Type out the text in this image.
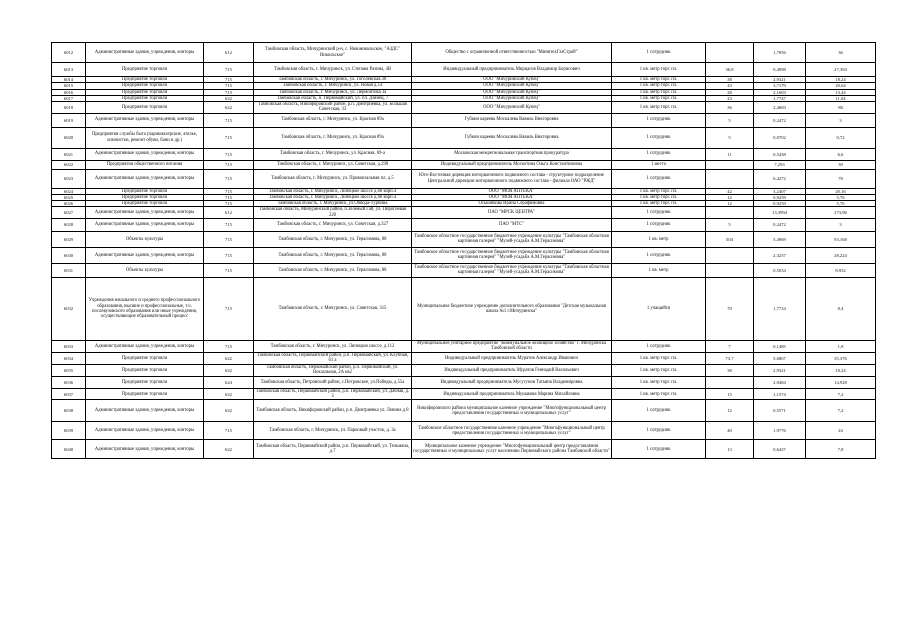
6012	Административные здания, учреждения, конторы	612	Тамбовская область, Мичуринский р-н, с. Новоникольское, "АЗДС" Никольское"	Общество с ограниченной ответственностью "МинитехГазСтрой"	1 сотрудник		1,7856	36
6013	Предприятие торговли	715	Тамбовская область, г. Мичуринск, ул. Степана Разина, 4В	Индивидуальный предприниматель Мирцагов Владимир Борисович	1 кв. метр торг. пл.	36,8	0,4998	27,394
6014	Предприятие торговли	715	Тамбовская область, г. Мичуринск, ул. Гоголевская 38	ООО "Мичуринский Купец"	1 кв. метр торг. пл.	38	2,9321	18,24
6015	Предприятие торговли	715	Тамбовская область, г. Мичуринск, ул. Новая д.14	ООО "Мичуринский Купец"	1 кв. метр торг. пл.	43	3,7179	20,64
6016	Предприятие торговли	715	Тамбовская область, г. Мичуринск, ул. Лермонтова 3а	ООО "Мичуринский Купец"	1 кв. метр торг. пл.	28	2,1603	13,44
6017	Предприятие торговли	622	Тамбовская область, п. Первомайский, ул. пл. Дзянец, 7	ООО "Мичуринский Купец"	1 кв. метр торг. пл.	23	1,7747	11,04
6018	Предприятие торговли	622	Тамбовская область, Никифоровский район, р.п. Дмитриевка, ул. Большая Советская, 33	ООО "Мичуринский Купец"	1 кв. метр торг. пл.	36	2,4683	88
6019	Административные здания, учреждения, конторы	715	Тамбовская область, г. Мичуринск, ул. Красная 89а	Губкин кареева Москалева Вавиль Викторовна	1 сотрудник	5	0,2472	3
6020	Предприятия службы быта (парикмахерские, ателье, химчистки, ремонт обуви, бани и др.)	715	Тамбовская область, г. Мичуринск, ул. Красная 89а	Губкин кареева Москалева Вавиль Викторовна	1 сотрудник	5	0,0702	0,72
6021	Административные здания, учреждения, конторы	715	Тамбовская область, г. Мичуринск, ул. Красная, 69-а	Московская межрегиональная транспортная прокуратура	1 сотрудник	11	0,5438	6,6
6022	Предприятия общественного питания	715	Тамбовская область, г. Мичуринск, ул. Советская, д.298	Индивидуальный предприниматель Москотина Ольга Константиновна	1 место		7,293	39
6023	Административные здания, учреждения, конторы	715	Тамбовская область, г. Мичуринск, ул. Привокзальная пл. д.5	Юго-Восточная дирекция моторвагонного подвижного состава - структурное подразделение Центральной дирекции моторвагонного подвижного состава - филиала ОАО "РЖД"	1 сотрудник		6,4272	78
6024	Предприятие торговли	715	Тамбовская область, г. Мичуринск, Липецкое шоссе д.68 корп.4	ООО "МОЯ АПТЕКА"	1 кв. метр торг. пл.	42	3,2407	20,16
6025	Предприятие торговли	715	Тамбовская область, г. Мичуринск, Липецкое шоссе д.68 корп.4	ООО "МОЯ АПТЕКА"	1 кв. метр торг. пл.	12	0,9259	5,76
6026	Предприятие торговли	715	Тамбовская область, г. Мичуринск, ул.Обвода-Турбина	Оськинкова Ирина Серафимовна	1 кв. метр торг. пл.	12	0,9259	5,76
6027	Административные здания, учреждения, конторы	612	Тамбовская область, Мичуринский район, п.Зеленый Гай, ул. Пирогиевая 220	ПАО "МРСК ЦЕНТРА"	1 сотрудник		13,3994	273,96
6028	Административные здания, учреждения, конторы	715	Тамбовская область, г. Мичуринск, ул. Советская, д.327	ПАО "МТС"	1 сотрудник	5	0,2472	3
6029	Объекты культуры	715	Тамбовская область, г. Мичуринск, ул. Герасимова, 88	Тамбовское областное государственное бюджетное учреждение культуры "Тамбовская областная картинная галерея" "Музей-усадьба А.М.Герасимова"	1 кв. метр	504	5,4969	93,168
6030	Административные здания, учреждения, конторы	715	Тамбовская область, г. Мичуринск, ул. Герасимова, 88	Тамбовское областное государственное бюджетное учреждение культуры "Тамбовская областная картинная галерея" "Музей-усадьба А.М.Герасимова"	1 сотрудник		2,3257	28,224
6031	Объекты культуры	715	Тамбовская область, г. Мичуринск, ул. Герасимова, 88	Тамбовское областное государственное бюджетное учреждение культуры "Тамбовская областная картинная галерея" "Музей-усадьба А.М.Герасимова"	1 кв. метр		0,5034	8,952
6032	Учреждения начального и среднего профессионального образования, высшие и профессиональные, т.ч. послевузовского образования или иные учреждения, осуществляющие образовательный процесс	715	Тамбовская область, г. Мичуринск, ул. Советская, 315	Муниципальное бюджетное учреждение дополнительного образования "Детская музыкальная школа №1 г.Мичуринска"	1 учащийся	70	1,7724	8,4
6033	Административные здания, учреждения, конторы	715	Тамбовская область, г. Мичуринск, ул. Липецкое шоссе, д.112	Муниципальное унитарное предприятие "Коммунальное жилищное хозяйство" г. Мичуринска Тамбовской области	1 сотрудник	7	0,1485	1,8
6034	Предприятие торговли	622	Тамбовская область, Первомайский район, р.п. Первомайский, ул. Клубная, 61 а	Индивидуальный предприниматель Муратов Александр Иванович	1 кв. метр торг. пл.	73,7	5,6867	35,376
6035	Предприятие торговли	622	Тамбовская область, Первомайский район, р.п. Первомайский, ул. Вокзальная, 2А кв2	Индивидуальный предприниматель Муратов Геннадий Васильевич	1 кв. метр торг. пл.	38	2,9321	18,24
6036	Предприятие торговли	624	Тамбовская область, Петровский район, с.Петровское, ул.Победы, д.55а	Индивидуальный предприниматель Мусугунов Татьяна Владимировна	1 кв. метр торг. пл.		2,0484	14,928
6037	Предприятие торговли	622	Тамбовская область, Первомайский район, р.п. Первомайский, ул. Дачная, д. 3	Индивидуальный предприниматель Мушакова Марина Михайловна	1 кв. метр торг. пл.	15	1,1574	7,2
6038	Административные здания, учреждения, конторы	622	Тамбовская область, Никифоровский район, р.п. Дмитриевка ул. Ленина д.8	Никифоровского района муниципальное казенное учреждение "Многофункциональный центр предоставления государственных и муниципальных услуг"	1 сотрудник	12	0,5571	7,2
6039	Административные здания, учреждения, конторы	715	Тамбовская область, г. Мичуринск, ул. Парковый участок, д. 3а	Тамбовское областное государственное казенное учреждение "Многофункциональный центр предоставления государственных и муниципальных услуг"	1 сотрудник	40	1,9776	24
6040	Административные здания, учреждения, конторы	622	Тамбовская область, Первомайский район, р.п. Первомайский, ул. Тельмана, д.7	Муниципальное казенное учреждение "Многофункциональный центр предоставления государственных и муниципальных услуг населению Первомайского района Тамбовской области"	1 сотрудник	13	0,6427	7,8
